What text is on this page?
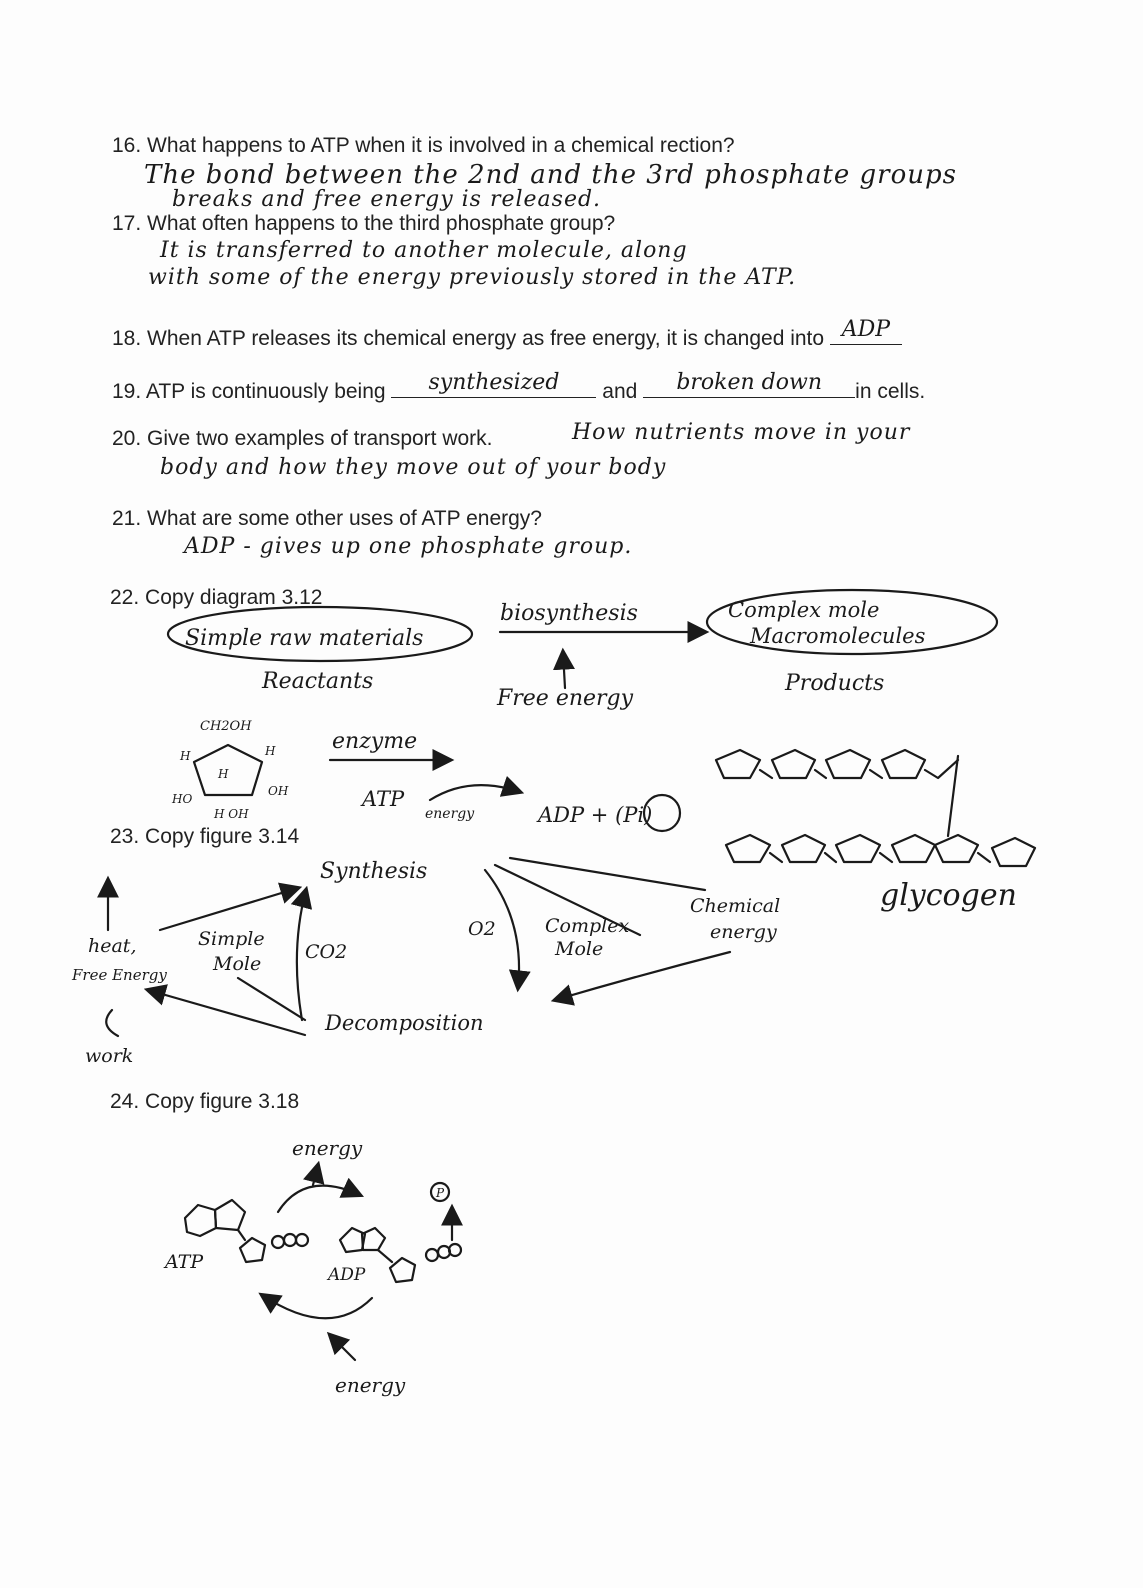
16. What happens to ATP when it is involved in a chemical rection?
The bond between the 2nd and the 3rd phosphate groups
breaks and free energy is released.
17. What often happens to the third phosphate group?
It is transferred to another molecule, along
with some of the energy previously stored in the ATP.
18. When ATP releases its chemical energy as free energy, it is changed into ADP
19. ATP is continuously being	synthesized	and	broken down	in cells.
20. Give two examples of transport work.	How nutrients move in your
body and how they move out of your body
21. What are some other uses of ATP energy?
ADP - gives up one phosphate group.
22. Copy diagram 3.12
23. Copy figure 3.14
24. Copy figure 3.18
Simple raw materials
Reactants
biosynthesis
Free energy
Complex mole
Macromolecules
Products
CH2OH
H
H	H
HO
OH
H OH
enzyme
ATP
energy	ADP + (Pi)
glycogen
Synthesis
heat,
Free Energy
Simple
Mole
CO2
O2	Complex
Mole
Chemical
energy
Decomposition
work
energy
ATP
ADP
P
energy
